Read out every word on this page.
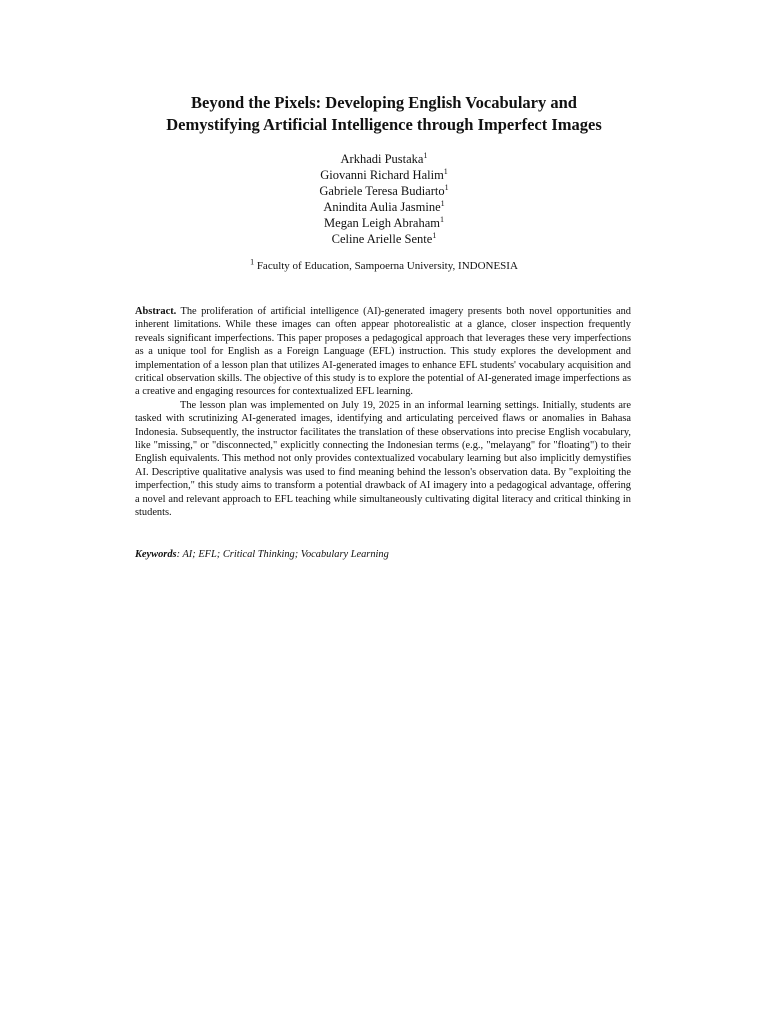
Beyond the Pixels: Developing English Vocabulary and
Demystifying Artificial Intelligence through Imperfect Images
Arkhadi Pustaka$^1$
Giovanni Richard Halim$^1$
Gabriele Teresa Budiarto$^1$
Anindita Aulia Jasmine$^1$
Megan Leigh Abraham$^1$
Celine Arielle Sente$^1$
$^1$ Faculty of Education, Sampoerna University, INDONESIA

Abstract. The proliferation of artificial intelligence (AI)-generated imagery presents both novel opportunities and inherent limitations. While these images can often appear photorealistic at a glance, closer inspection frequently reveals significant imperfections. This paper proposes a pedagogical approach that leverages these very imperfections as a unique tool for English as a Foreign Language (EFL) instruction. This study explores the development and implementation of a lesson plan that utilizes AI-generated images to enhance EFL students' vocabulary acquisition and critical observation skills. The objective of this study is to explore the potential of AI-generated image imperfections as a creative and engaging resources for contextualized EFL learning.

The lesson plan was implemented on July 19, 2025 in an informal learning settings. Initially, students are tasked with scrutinizing AI-generated images, identifying and articulating perceived flaws or anomalies in Bahasa Indonesia. Subsequently, the instructor facilitates the translation of these observations into precise English vocabulary, like "missing," or "disconnected," explicitly connecting the Indonesian terms (e.g., "melayang" for "floating") to their English equivalents. This method not only provides contextualized vocabulary learning but also implicitly demystifies AI. Descriptive qualitative analysis was used to find meaning behind the lesson's observation data. By "exploiting the imperfection," this study aims to transform a potential drawback of AI imagery into a pedagogical advantage, offering a novel and relevant approach to EFL teaching while simultaneously cultivating digital literacy and critical thinking in students.

Keywords: AI; EFL; Critical Thinking; Vocabulary Learning
